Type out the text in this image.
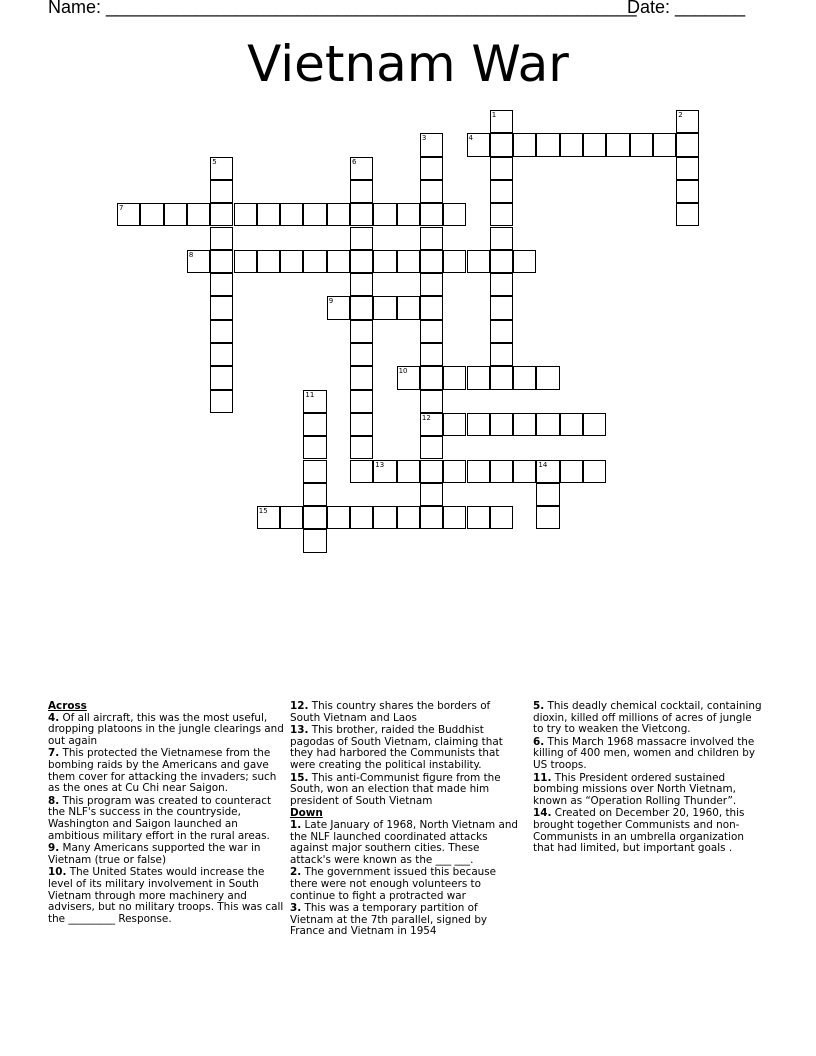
Name: _____________________________________________________
Date: _______
Vietnam War
1	2
3
12
4
5	6
7
8
9
10
11
13	14
15
Across
4. Of all aircraft, this was the most useful, dropping platoons in the jungle clearings and out again
7. This protected the Vietnamese from the bombing raids by the Americans and gave them cover for attacking the invaders; such as the ones at Cu Chi near Saigon.
8. This program was created to counteract the NLF's success in the countryside, Washington and Saigon launched an ambitious military effort in the rural areas.
9. Many Americans supported the war in Vietnam (true or false)
10. The United States would increase the level of its military involvement in South Vietnam through more machinery and advisers, but no military troops. This was call the _________ Response.
12. This country shares the borders of South Vietnam and Laos
13. This brother, raided the Buddhist pagodas of South Vietnam, claiming that they had harbored the Communists that were creating the political instability.
15. This anti-Communist figure from the South, won an election that made him president of South Vietnam
Down
1. Late January of 1968, North Vietnam and the NLF launched coordinated attacks against major southern cities. These attack's were known as the ___ ___.
2. The government issued this because there were not enough volunteers to continue to fight a protracted war
3. This was a temporary partition of Vietnam at the 7th parallel, signed by France and Vietnam in 1954
5. This deadly chemical cocktail, containing dioxin, killed off millions of acres of jungle to try to weaken the Vietcong.
6. This March 1968 massacre involved the killing of 400 men, women and children by US troops.
11. This President ordered sustained bombing missions over North Vietnam, known as “Operation Rolling Thunder”.
14. Created on December 20, 1960, this brought together Communists and non-Communists in an umbrella organization that had limited, but important goals .
